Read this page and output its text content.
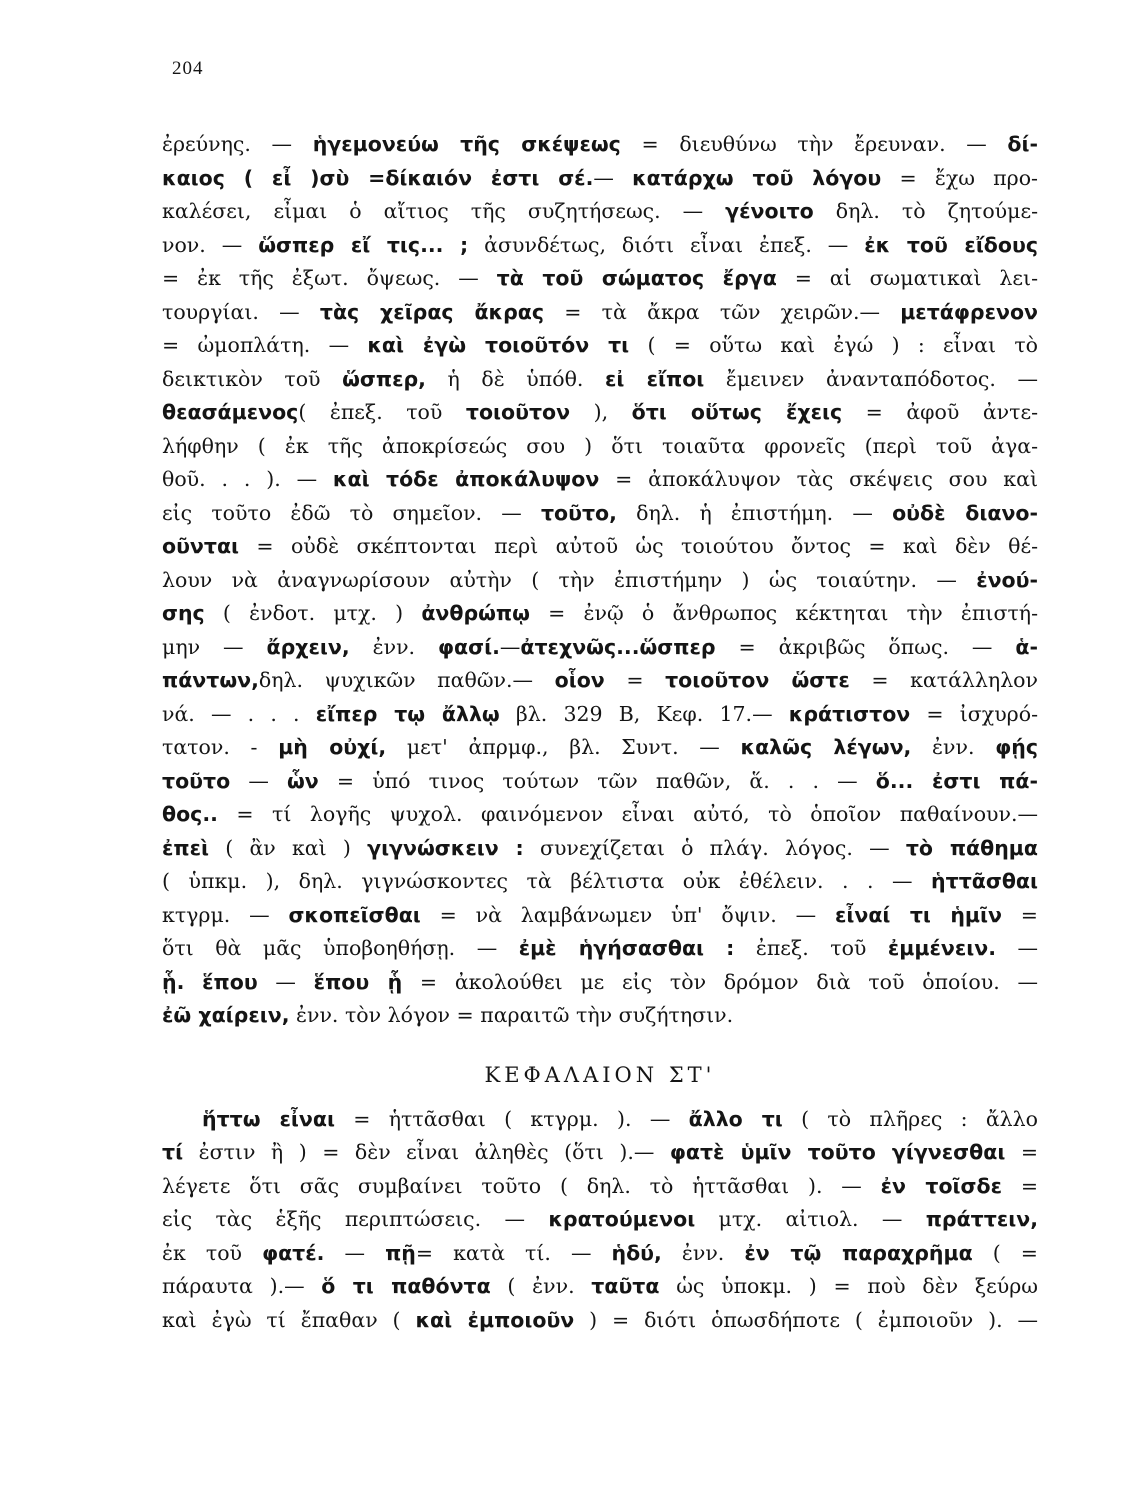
204
ἐρεύνης. — ἡγεμονεύω τῆς σκέψεως = διευθύνω τὴν ἔρευναν. — δί-
καιος ( εἶ )σὺ =δίκαιόν ἐστι σέ.— κατάρχω τοῦ λόγου = ἔχω προ-
καλέσει, εἶμαι ὁ αἴτιος τῆς συζητήσεως. — γένοιτο δηλ. τὸ ζητούμε-
νον. — ὥσπερ εἴ τις... ; ἀσυνδέτως, διότι εἶναι ἐπεξ. — ἐκ τοῦ εἴδους
= ἐκ τῆς ἐξωτ. ὄψεως. — τὰ τοῦ σώματος ἔργα = αἱ σωματικαὶ λει-
τουργίαι. — τὰς χεῖρας ἄκρας = τὰ ἄκρα τῶν χειρῶν.— μετάφρενον
= ὠμοπλάτη. — καὶ ἐγὼ τοιοῦτόν τι ( = οὕτω καὶ ἐγώ ) : εἶναι τὸ
δεικτικὸν τοῦ ὥσπερ, ἡ δὲ ὑπόθ. εἰ εἴποι ἔμεινεν ἀνανταπόδοτος. —
θεασάμενος( ἐπεξ. τοῦ τοιοῦτον ), ὅτι οὕτως ἔχεις = ἀφοῦ ἀντε-
λήφθην ( ἐκ τῆς ἀποκρίσεώς σου ) ὅτι τοιαῦτα φρονεῖς (περὶ τοῦ ἀγα-
θοῦ. . . ). — καὶ τόδε ἀποκάλυψον = ἀποκάλυψον τὰς σκέψεις σου καὶ
εἰς τοῦτο ἐδῶ τὸ σημεῖον. — τοῦτο, δηλ. ἡ ἐπιστήμη. — οὐδὲ διανο-
οῦνται = οὐδὲ σκέπτονται περὶ αὐτοῦ ὡς τοιούτου ὄντος = καὶ δὲν θέ-
λουν νὰ ἀναγνωρίσουν αὐτὴν ( τὴν ἐπιστήμην ) ὡς τοιαύτην. — ἐνού-
σης ( ἐνδοτ. μτχ. ) ἀνθρώπῳ = ἐνῷ ὁ ἄνθρωπος κέκτηται τὴν ἐπιστή-
μην — ἄρχειν, ἐνν. φασί.—ἀτεχνῶς...ὥσπερ = ἀκριβῶς ὅπως. — ἁ-
πάντων,δηλ. ψυχικῶν παθῶν.— οἷον = τοιοῦτον ὥστε = κατάλληλον
νά. — . . . εἴπερ τῳ ἄλλῳ βλ. 329 B, Κεφ. 17.— κράτιστον = ἰσχυρό-
τατον. - μὴ οὐχί, μετ' ἀπρμφ., βλ. Συντ. — καλῶς λέγων, ἐνν. φῄς
τοῦτο — ὧν = ὑπό τινος τούτων τῶν παθῶν, ἅ. . . — ὅ... ἐστι πά-
θος.. = τί λογῆς ψυχολ. φαινόμενον εἶναι αὐτό, τὸ ὁποῖον παθαίνουν.—
ἐπεὶ ( ἂν καὶ ) γιγνώσκειν : συνεχίζεται ὁ πλάγ. λόγος. — τὸ πάθημα
( ὑπκμ. ), δηλ. γιγνώσκοντες τὰ βέλτιστα οὐκ ἐθέλειν. . . — ἡττᾶσθαι
κτγρμ. — σκοπεῖσθαι = νὰ λαμβάνωμεν ὑπ' ὄψιν. — εἶναί τι ἡμῖν =
ὅτι θὰ μᾶς ὑποβοηθήσῃ. — ἐμὲ ἡγήσασθαι : ἐπεξ. τοῦ ἐμμένειν. —
ᾗ. ἕπου — ἕπου ᾗ = ἀκολούθει με εἰς τὸν δρόμον διὰ τοῦ ὁποίου. —
ἐῶ χαίρειν, ἐνν. τὸν λόγον = παραιτῶ τὴν συζήτησιν.
ΚΕΦΑΛΑΙΟΝ ΣΤ'
ἥττω εἶναι = ἡττᾶσθαι ( κτγρμ. ). — ἄλλο τι ( τὸ πλῆρες : ἄλλο
τί ἐστιν ἢ ) = δὲν εἶναι ἀληθὲς (ὅτι ).— φατὲ ὑμῖν τοῦτο γίγνεσθαι =
λέγετε ὅτι σᾶς συμβαίνει τοῦτο ( δηλ. τὸ ἡττᾶσθαι ). — ἐν τοῖσδε =
εἰς τὰς ἑξῆς περιπτώσεις. — κρατούμενοι μτχ. αἰτιολ. — πράττειν,
ἐκ τοῦ φατέ. — πῇ= κατὰ τί. — ἡδύ, ἐνν. ἐν τῷ παραχρῆμα ( =
πάραυτα ).— ὅ τι παθόντα ( ἐνν. ταῦτα ὡς ὑποκμ. ) = ποὺ δὲν ξεύρω
καὶ ἐγὼ τί ἔπαθαν ( καὶ ἐμποιοῦν ) = διότι ὁπωσδήποτε ( ἐμποιοῦν ). —
